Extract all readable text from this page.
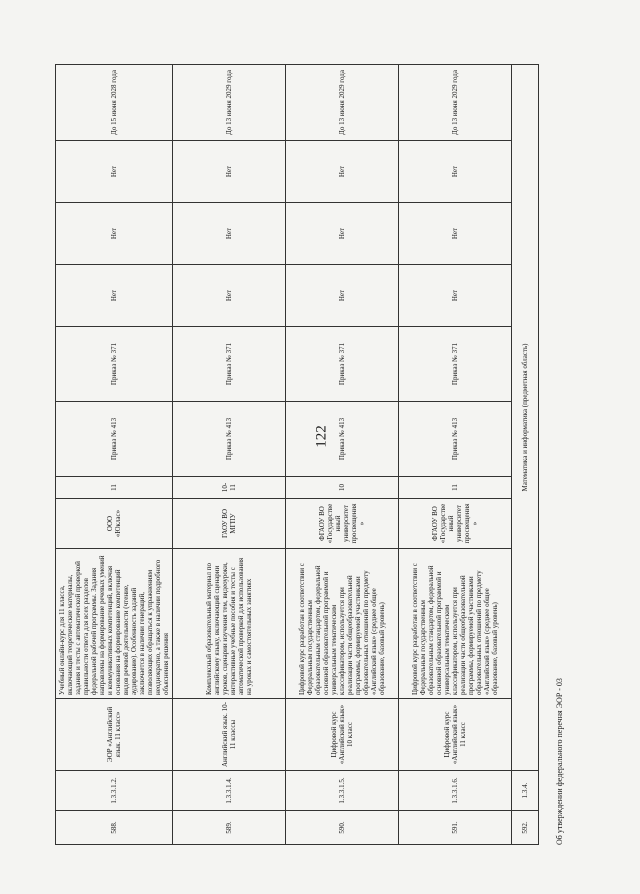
122
588.	1.3.3.1.2.	ЭОР «Английский язык. 11 класс»	Учебный онлайн-курс для 11 класса, включающий теоретические материалы, задания и тесты с автоматической проверкой правильности ответа для всех разделов федеральной рабочей программы. Задания направлены на формирование речевых умений и коммуникативных компетенций, включая основания на формирование компетенций видов речевой деятельности (чтение, аудирование). Особенность заданий заключается в наличии генераций, позволяющих обращаться к упражнениям неоднократно, а также в наличии подробного объяснения решения	ООО «Юклас»	11	Приказ № 413	Приказ № 371	Нет	Нет	Нет	До 15 июня 2028 года
589.	1.3.3.1.4.	Английский язык. 10-11 классы	Комплексный образовательный материал по английскому языку, включающий сценарии уроков, сценарии изучения тем, видеоуроки, интерактивные учебные пособия и тесты с автоматической проверкой для использования на уроках и самостоятельных занятиях	ГАОУ ВО МГПУ	10-11	Приказ № 413	Приказ № 371	Нет	Нет	Нет	До 13 июня 2029 года
590.	1.3.3.1.5.	Цифровой курс «Английский язык» 10 класс	Цифровой курс разработан в соответствии с Федеральным государственным образовательным стандартом, федеральной основной образовательной программой и универсальным тематическим классификатором, используется при реализации части общеобразовательной программы, формируемой участниками образовательных отношений по предмету «Английский язык» (среднее общее образование, базовый уровень)	ФГАОУ ВО «Государственный университет просвещения»	10	Приказ № 413	Приказ № 371	Нет	Нет	Нет	До 13 июня 2029 года
591.	1.3.3.1.6.	Цифровой курс «Английский язык» 11 класс	Цифровой курс разработан в соответствии с Федеральным государственным образовательным стандартом, федеральной основной образовательной программой и универсальным тематическим классификатором, используется при реализации части общеобразовательной программы, формируемой участниками образовательных отношений по предмету «Английский язык» (среднее общее образование, базовый уровень)	ФГАОУ ВО «Государственный университет просвещения»	11	Приказ № 413	Приказ № 371	Нет	Нет	Нет	До 13 июня 2029 года
592.	1.3.4.	Математика и информатика (предметная область)									
Об утверждении федерального перечня ЭОР - 03
